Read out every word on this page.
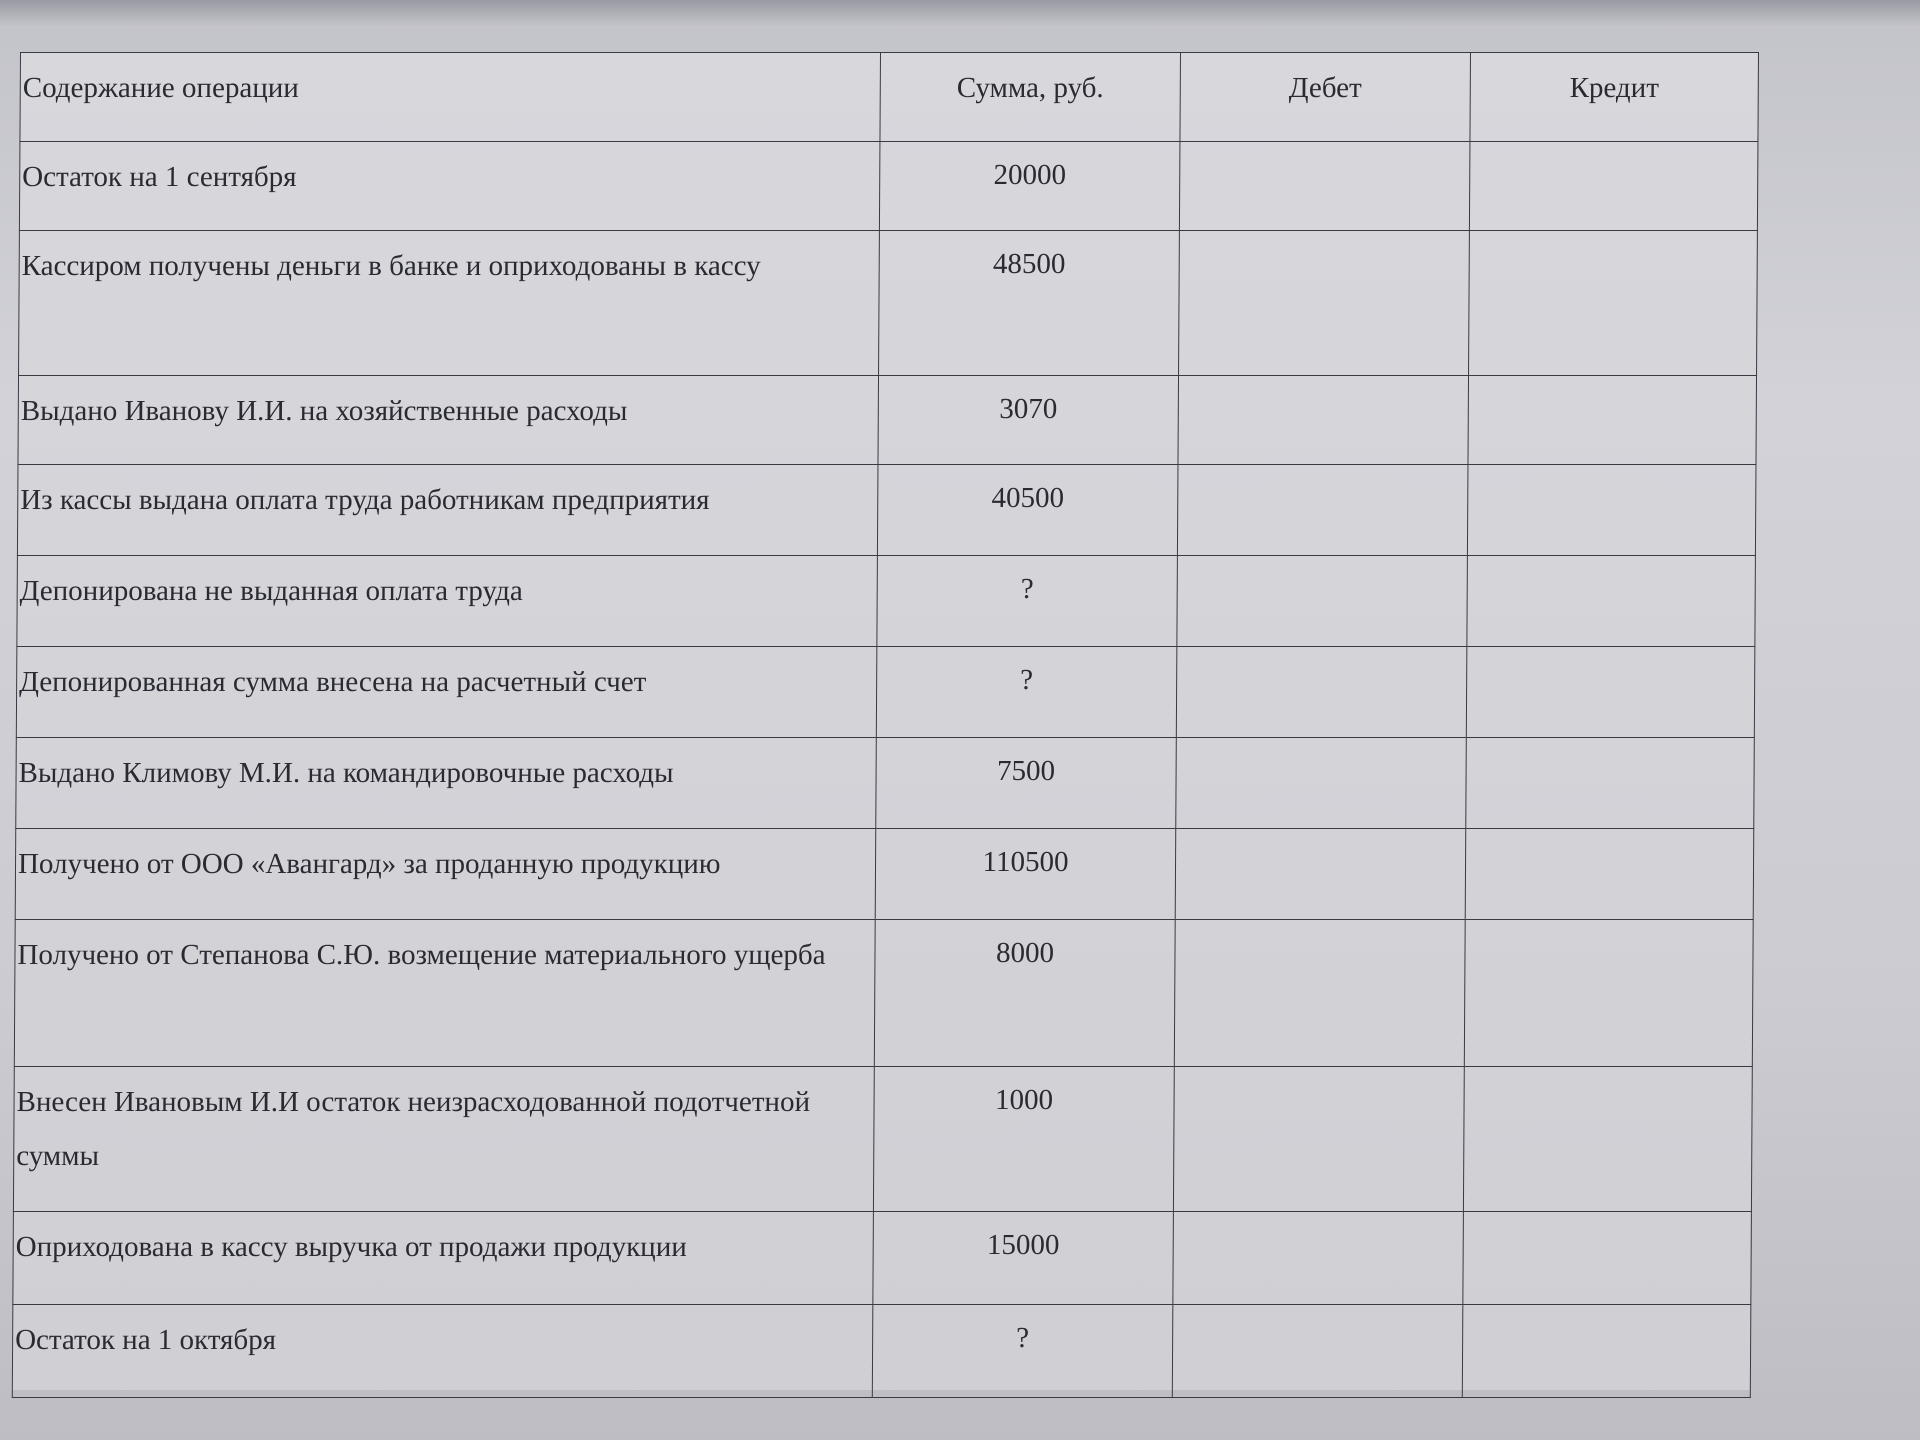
Содержание операции	Сумма, руб.	Дебет	Кредит
Остаток на 1 сентября	20000		
Кассиром получены деньги в банке и оприходованы в кассу	48500		
Выдано Иванову И.И. на хозяйственные расходы	3070		
Из кассы выдана оплата труда работникам предприятия	40500		
Депонирована не выданная оплата труда	?		
Депонированная сумма внесена на расчетный счет	?		
Выдано Климову М.И. на командировочные расходы	7500		
Получено от ООО «Авангард» за проданную продукцию	110500		
Получено от Степанова С.Ю. возмещение материального ущерба	8000		
Внесен Ивановым И.И остаток неизрасходованной подотчетной суммы	1000		
Оприходована в кассу выручка от продажи продукции	15000		
Остаток на 1 октября	?		
